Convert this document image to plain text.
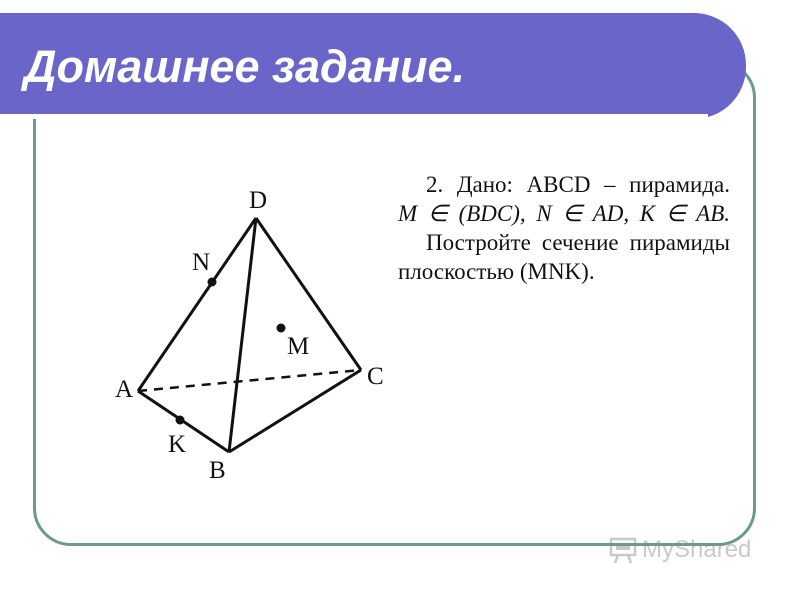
Домашнее задание.
D
N
M
A	C
K
B

2. Дано: ABCD – пирамида.

M ∈ (BDC), N ∈ AD, K ∈ AB.

Постройте сечение пирамиды

плоскостью (MNK).

MyShared
